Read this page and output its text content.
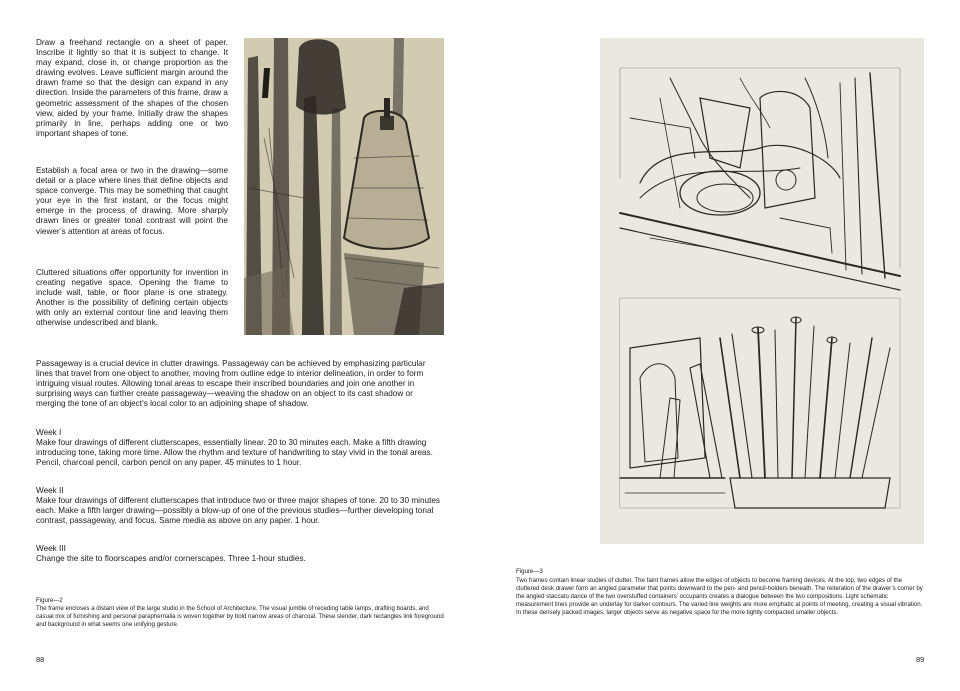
Draw a freehand rectangle on a sheet of paper. Inscribe it lightly so that it is subject to change. It may expand, close in, or change proportion as the drawing evolves. Leave sufficient margin around the drawn frame so that the design can expand in any direction. Inside the parameters of this frame, draw a geometric assessment of the shapes of the chosen view, aided by your frame. Initially draw the shapes primarily in line, perhaps adding one or two important shapes of tone.

Establish a focal area or two in the drawing—some detail or a place where lines that define objects and space converge. This may be something that caught your eye in the first instant, or the focus might emerge in the process of drawing. More sharply drawn lines or greater tonal contrast will point the viewer’s attention at areas of focus.

Cluttered situations offer opportunity for invention in creating negative space. Opening the frame to include wall, table, or floor plane is one strategy. Another is the possibility of defining certain objects with only an external contour line and leaving them otherwise undescribed and blank.

Passageway is a crucial device in clutter drawings. Passageway can be achieved by emphasizing particular lines that travel from one object to another, moving from outline edge to interior delineation, in order to form intriguing visual routes. Allowing tonal areas to escape their inscribed boundaries and join one another in surprising ways can further create passageway—weaving the shadow on an object to its cast shadow or merging the tone of an object’s local color to an adjoining shape of shadow.

Week I

Make four drawings of different clutterscapes, essentially linear. 20 to 30 minutes each. Make a fifth drawing introducing tone, taking more time. Allow the rhythm and texture of handwriting to stay vivid in the tonal areas. Pencil, charcoal pencil, carbon pencil on any paper. 45 minutes to 1 hour.

Week II

Make four drawings of different clutterscapes that introduce two or three major shapes of tone. 20 to 30 minutes each. Make a fifth larger drawing—possibly a blow-up of one of the previous studies—further developing tonal contrast, passageway, and focus. Same media as above on any paper. 1 hour.

Week III

Change the site to floorscapes and/or cornerscapes. Three 1-hour studies.

Figure—2

The frame encloses a distant view of the large studio in the School of Architecture. The visual jumble of receding table lamps, drafting boards, and casual mix of furnishing and personal paraphernalia is woven together by bold narrow areas of charcoal. These slender, dark rectangles link foreground and background in what seems one unifying gesture.

88

Figure—3

Two frames contain linear studies of clutter. The faint frames allow the edges of objects to become framing devices. At the top, two edges of the cluttered desk drawer form an angled parameter that points downward to the pen- and pencil-holders beneath. The reiteration of the drawer’s corner by the angled staccato dance of the two overstuffed containers’ occupants creates a dialogue between the two compositions. Light schematic measurement lines provide an underlay for darker contours. The varied line weights are more emphatic at points of meeting, creating a visual vibration. In these densely packed images, larger objects serve as negative space for the more tightly compacted smaller objects.

89
